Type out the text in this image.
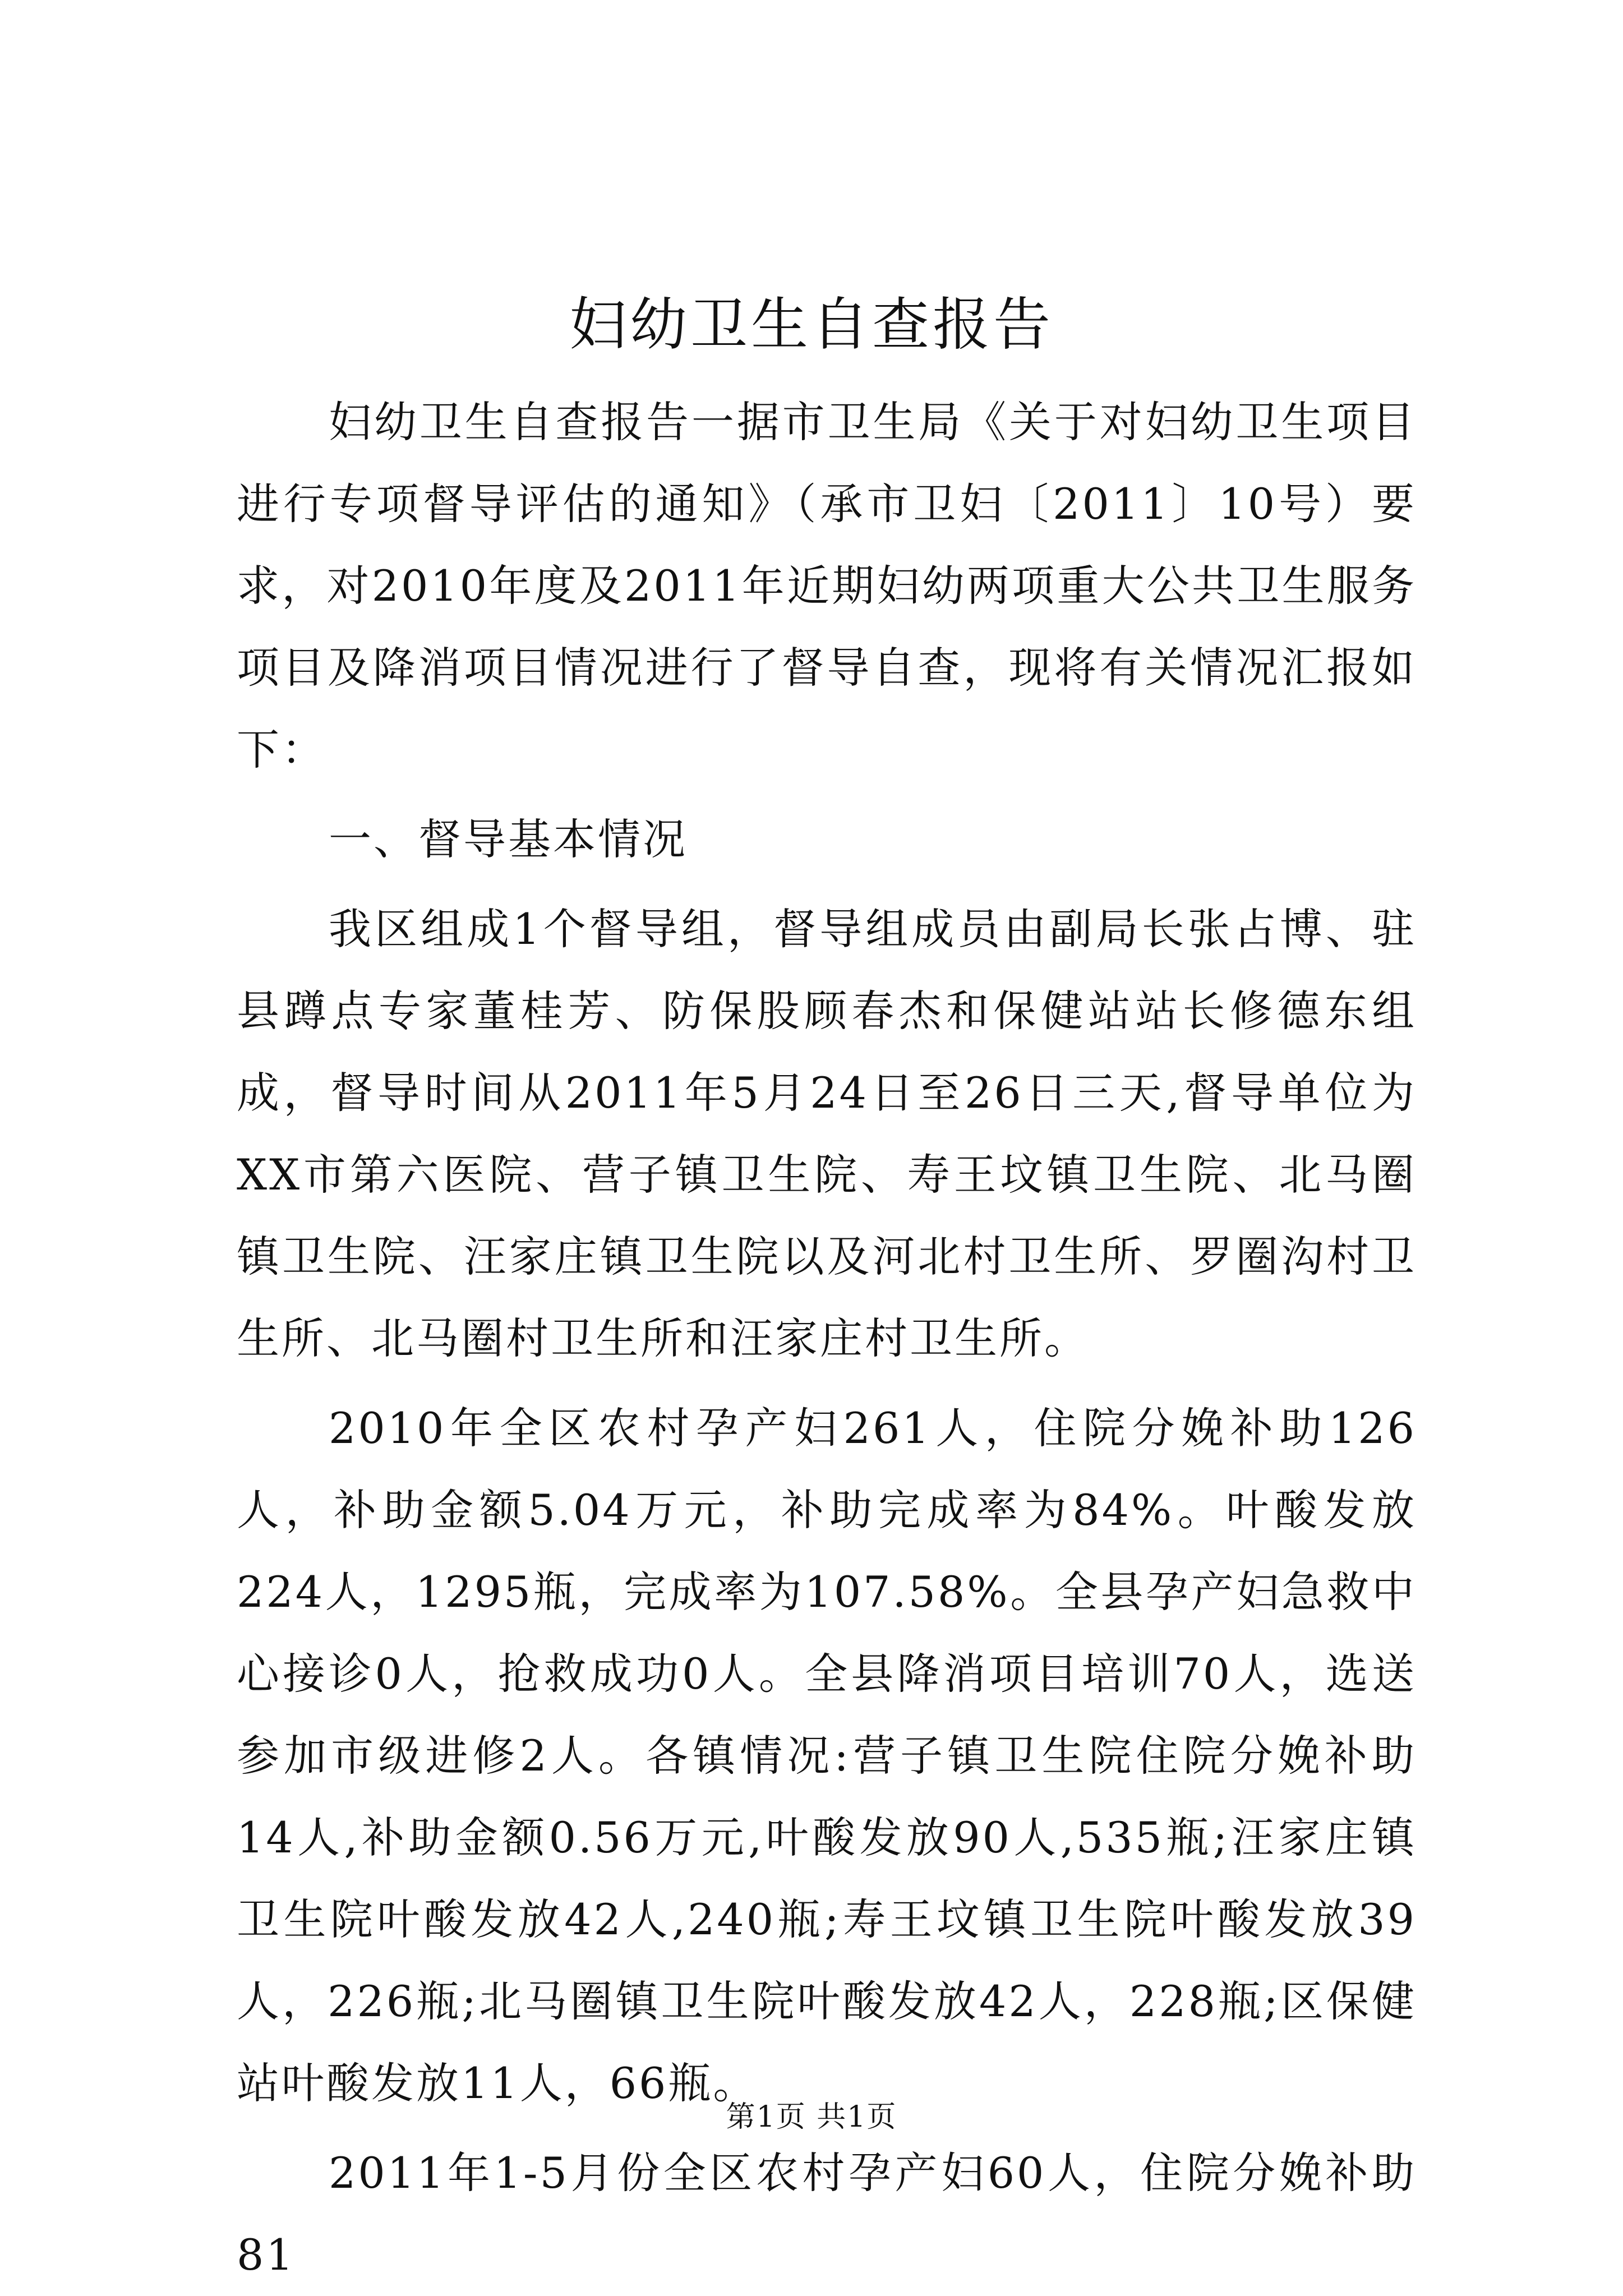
妇幼卫生自查报告

妇幼卫生自查报告一据市卫生局《关于对妇幼卫生项目进行专项督导评估的通知》（承市卫妇〔2011〕10号）要求，对2010年度及2011年近期妇幼两项重大公共卫生服务项目及降消项目情况进行了督导自查，现将有关情况汇报如下：

一、督导基本情况

我区组成1个督导组，督导组成员由副局长张占博、驻县蹲点专家董桂芳、防保股顾春杰和保健站站长修德东组成，督导时间从2011年5月24日至26日三天,督导单位为XX市第六医院、营子镇卫生院、寿王坟镇卫生院、北马圈镇卫生院、汪家庄镇卫生院以及河北村卫生所、罗圈沟村卫生所、北马圈村卫生所和汪家庄村卫生所。

2010年全区农村孕产妇261人，住院分娩补助126人，补助金额5.04万元，补助完成率为84%。叶酸发放224人，1295瓶，完成率为107.58%。全县孕产妇急救中心接诊0人，抢救成功0人。全县降消项目培训70人，选送参加市级进修2人。各镇情况:营子镇卫生院住院分娩补助14人,补助金额0.56万元,叶酸发放90人,535瓶;汪家庄镇卫生院叶酸发放42人,240瓶;寿王坟镇卫生院叶酸发放39人，226瓶;北马圈镇卫生院叶酸发放42人，228瓶;区保健站叶酸发放11人，66瓶。

2011年1-5月份全区农村孕产妇60人，住院分娩补助81

第1页 共1页
